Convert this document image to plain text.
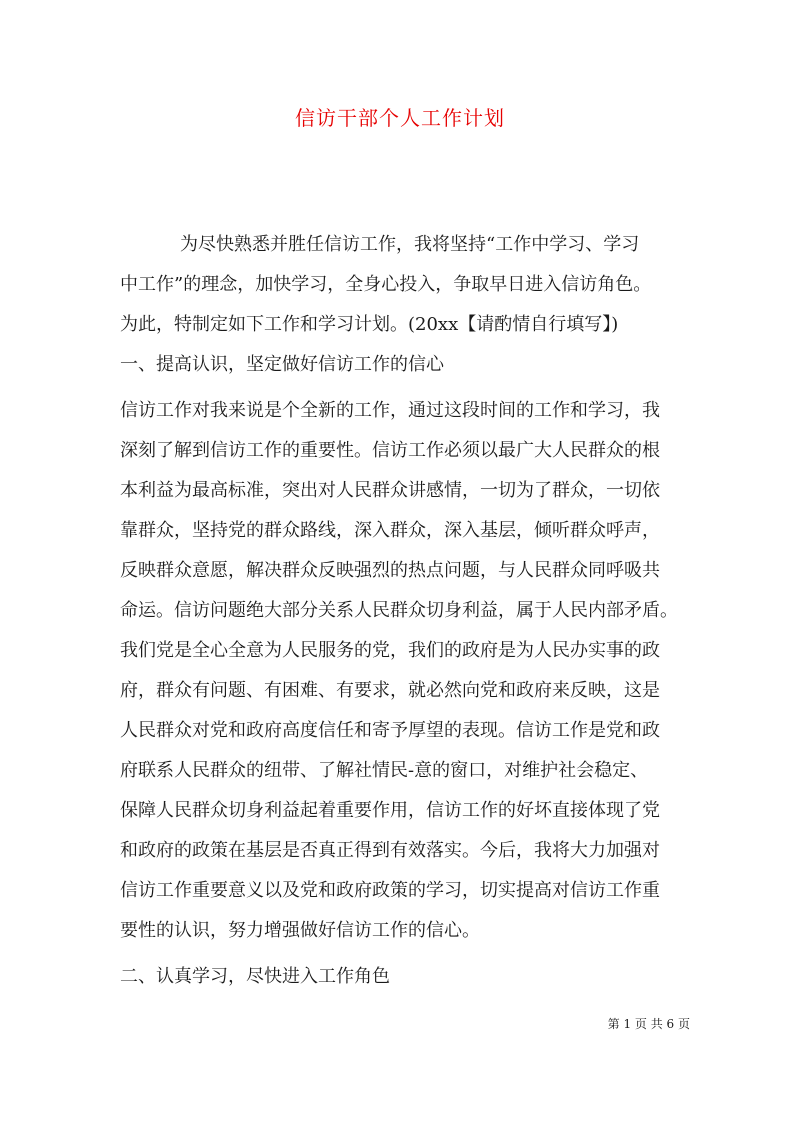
信访干部个人工作计划
为尽快熟悉并胜任信访工作，我将坚持“工作中学习、学习
中工作”的理念，加快学习，全身心投入，争取早日进入信访角色。
为此，特制定如下工作和学习计划。(20xx【请酌情自行填写】)
一、提高认识，坚定做好信访工作的信心
信访工作对我来说是个全新的工作，通过这段时间的工作和学习，我
深刻了解到信访工作的重要性。信访工作必须以最广大人民群众的根
本利益为最高标准，突出对人民群众讲感情，一切为了群众，一切依
靠群众，坚持党的群众路线，深入群众，深入基层，倾听群众呼声，
反映群众意愿，解决群众反映强烈的热点问题，与人民群众同呼吸共
命运。信访问题绝大部分关系人民群众切身利益，属于人民内部矛盾。
我们党是全心全意为人民服务的党，我们的政府是为人民办实事的政
府，群众有问题、有困难、有要求，就必然向党和政府来反映，这是
人民群众对党和政府高度信任和寄予厚望的表现。信访工作是党和政
府联系人民群众的纽带、了解社情民-意的窗口，对维护社会稳定、
保障人民群众切身利益起着重要作用，信访工作的好坏直接体现了党
和政府的政策在基层是否真正得到有效落实。今后，我将大力加强对
信访工作重要意义以及党和政府政策的学习，切实提高对信访工作重
要性的认识，努力增强做好信访工作的信心。
二、认真学习，尽快进入工作角色
第 1 页 共 6 页
